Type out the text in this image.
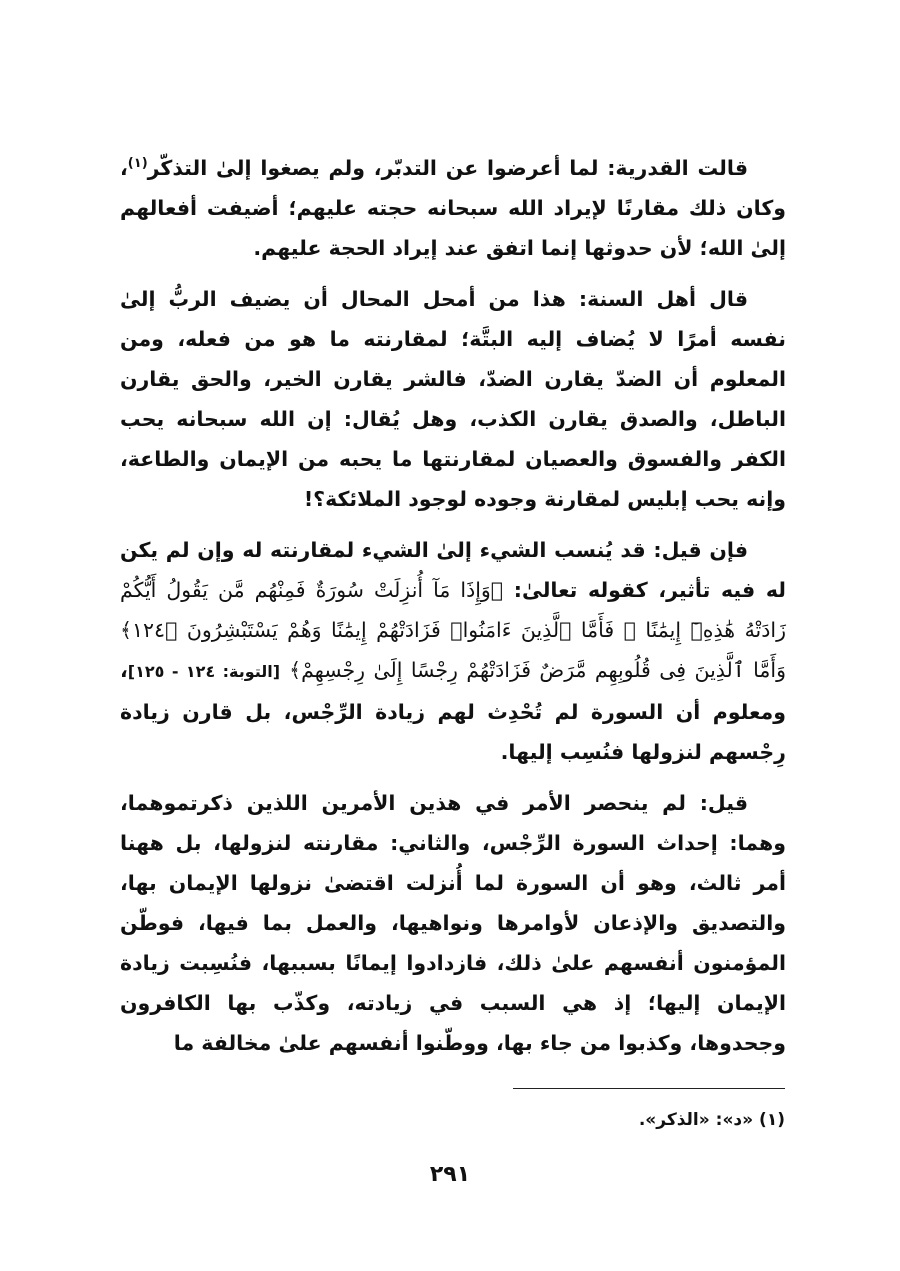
قالت القدرية: لما أعرضوا عن التدبّر، ولم يصغوا إلىٰ التذكّر$^{(١)}$، وكان ذلك مقارنًا لإيراد الله سبحانه حجته عليهم؛ أضيفت أفعالهم إلىٰ الله؛ لأن حدوثها إنما اتفق عند إيراد الحجة عليهم.

قال أهل السنة: هذا من أمحل المحال أن يضيف الربُّ إلىٰ نفسه أمرًا لا يُضاف إليه البتَّة؛ لمقارنته ما هو من فعله، ومن المعلوم أن الضدّ يقارن الضدّ، فالشر يقارن الخير، والحق يقارن الباطل، والصدق يقارن الكذب، وهل يُقال: إن الله سبحانه يحب الكفر والفسوق والعصيان لمقارنتها ما يحبه من الإيمان والطاعة، وإنه يحب إبليس لمقارنة وجوده لوجود الملائكة؟!

فإن قيل: قد يُنسب الشيء إلىٰ الشيء لمقارنته له وإن لم يكن له فيه تأثير، كقوله تعالىٰ: ﴿وَإِذَا مَآ أُنزِلَتْ سُورَةٌ فَمِنْهُم مَّن يَقُولُ أَيُّكُمْ زَادَتْهُ هَٰذِهِۦٓ إِيمَٰنًا ۚ فَأَمَّا ٱلَّذِينَ ءَامَنُوا۟ فَزَادَتْهُمْ إِيمَٰنًا وَهُمْ يَسْتَبْشِرُونَ ﴿١٢٤﴾ وَأَمَّا ٱلَّذِينَ فِى قُلُوبِهِم مَّرَضٌ فَزَادَتْهُمْ رِجْسًا إِلَىٰ رِجْسِهِمْ﴾ [التوبة: ١٢٤ - ١٢٥]، ومعلوم أن السورة لم تُحْدِث لهم زيادة الرِّجْس، بل قارن زيادة رِجْسهم لنزولها فنُسِب إليها.

قيل: لم ينحصر الأمر في هذين الأمرين اللذين ذكرتموهما، وهما: إحداث السورة الرِّجْس، والثاني: مقارنته لنزولها، بل ههنا أمر ثالث، وهو أن السورة لما أُنزلت اقتضىٰ نزولها الإيمان بها، والتصديق والإذعان لأوامرها ونواهيها، والعمل بما فيها، فوطّن المؤمنون أنفسهم علىٰ ذلك، فازدادوا إيمانًا بسببها، فنُسِبت زيادة الإيمان إليها؛ إذ هي السبب في زيادته، وكذّب بها الكافرون وجحدوها، وكذبوا من جاء بها، ووطّنوا أنفسهم علىٰ مخالفة ما

(١) «د»: «الذكر».
٢٩١
